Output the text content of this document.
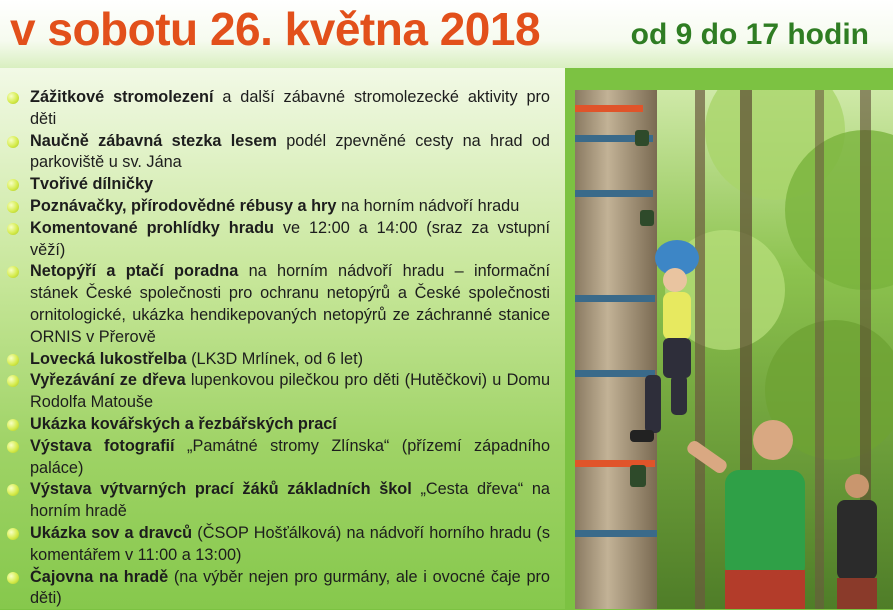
v sobotu 26. května 2018	od 9 do 17 hodin
Zážitkové stromolezení a další zábavné stromolezecké aktivity pro děti
Naučně zábavná stezka lesem podél zpevněné cesty na hrad od parkoviště u sv. Jána
Tvořivé dílničky
Poznávačky, přírodovědné rébusy a hry na horním nádvoří hradu
Komentované prohlídky hradu ve 12:00 a 14:00 (sraz za vstupní věží)
Netopýří a ptačí poradna na horním nádvoří hradu – informační stánek České společnosti pro ochranu netopýrů a České společnosti ornitologické, ukázka hendikepovaných netopýrů ze záchranné stanice ORNIS v Přerově
Lovecká lukostřelba (LK3D Mrlínek, od 6 let)
Vyřezávání ze dřeva lupenkovou pilečkou pro děti (Hutěčkovi) u Domu Rodolfa Matouše
Ukázka kovářských a řezbářských prací
Výstava fotografií „Památné stromy Zlínska“ (přízemí západního paláce)
Výstava výtvarných prací žáků základních škol „Cesta dřeva“ na horním hradě
Ukázka sov a dravců (ČSOP Hošťálková) na nádvoří horního hradu (s komentářem v 11:00 a 13:00)
Čajovna na hradě (na výběr nejen pro gurmány, ale i ovocné čaje pro děti)
